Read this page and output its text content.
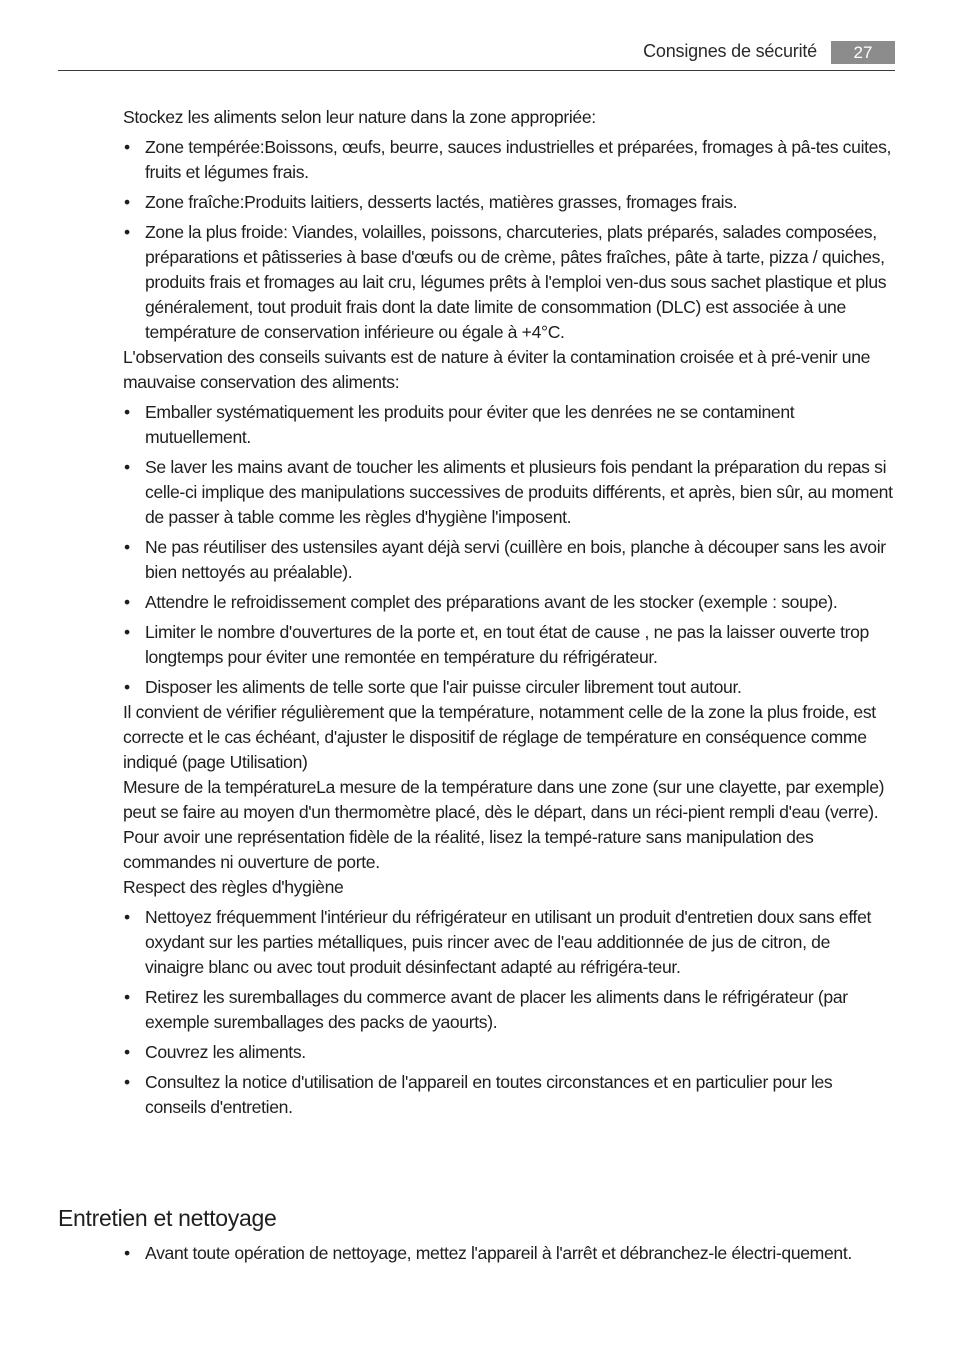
Consignes de sécurité	27

Stockez les aliments selon leur nature dans la zone appropriée:

• Zone tempérée:Boissons, œufs, beurre, sauces industrielles et préparées, fromages à pâ-tes cuites, fruits et légumes frais.
• Zone fraîche:Produits laitiers, desserts lactés, matières grasses, fromages frais.
• Zone la plus froide: Viandes, volailles, poissons, charcuteries, plats préparés, salades composées, préparations et pâtisseries à base d'œufs ou de crème, pâtes fraîches, pâte à tarte, pizza / quiches, produits frais et fromages au lait cru, légumes prêts à l'emploi ven-dus sous sachet plastique et plus généralement, tout produit frais dont la date limite de consommation (DLC) est associée à une température de conservation inférieure ou égale à +4°C.

L'observation des conseils suivants est de nature à éviter la contamination croisée et à pré-venir une mauvaise conservation des aliments:

• Emballer systématiquement les produits pour éviter que les denrées ne se contaminent mutuellement.
• Se laver les mains avant de toucher les aliments et plusieurs fois pendant la préparation du repas si celle-ci implique des manipulations successives de produits différents, et après, bien sûr, au moment de passer à table comme les règles d'hygiène l'imposent.
• Ne pas réutiliser des ustensiles ayant déjà servi (cuillère en bois, planche à découper sans les avoir bien nettoyés au préalable).
• Attendre le refroidissement complet des préparations avant de les stocker (exemple : soupe).
• Limiter le nombre d'ouvertures de la porte et, en tout état de cause , ne pas la laisser ouverte trop longtemps pour éviter une remontée en température du réfrigérateur.
• Disposer les aliments de telle sorte que l'air puisse circuler librement tout autour.

Il convient de vérifier régulièrement que la température, notamment celle de la zone la plus froide, est correcte et le cas échéant, d'ajuster le dispositif de réglage de température en conséquence comme indiqué (page Utilisation)

Mesure de la températureLa mesure de la température dans une zone (sur une clayette, par exemple) peut se faire au moyen d'un thermomètre placé, dès le départ, dans un réci-pient rempli d'eau (verre). Pour avoir une représentation fidèle de la réalité, lisez la tempé-rature sans manipulation des commandes ni ouverture de porte.

Respect des règles d'hygiène

• Nettoyez fréquemment l'intérieur du réfrigérateur en utilisant un produit d'entretien doux sans effet oxydant sur les parties métalliques, puis rincer avec de l'eau additionnée de jus de citron, de vinaigre blanc ou avec tout produit désinfectant adapté au réfrigéra-teur.
• Retirez les suremballages du commerce avant de placer les aliments dans le réfrigérateur (par exemple suremballages des packs de yaourts).
• Couvrez les aliments.
• Consultez la notice d'utilisation de l'appareil en toutes circonstances et en particulier pour les conseils d'entretien.
Entretien et nettoyage
• Avant toute opération de nettoyage, mettez l'appareil à l'arrêt et débranchez-le électri-quement.
